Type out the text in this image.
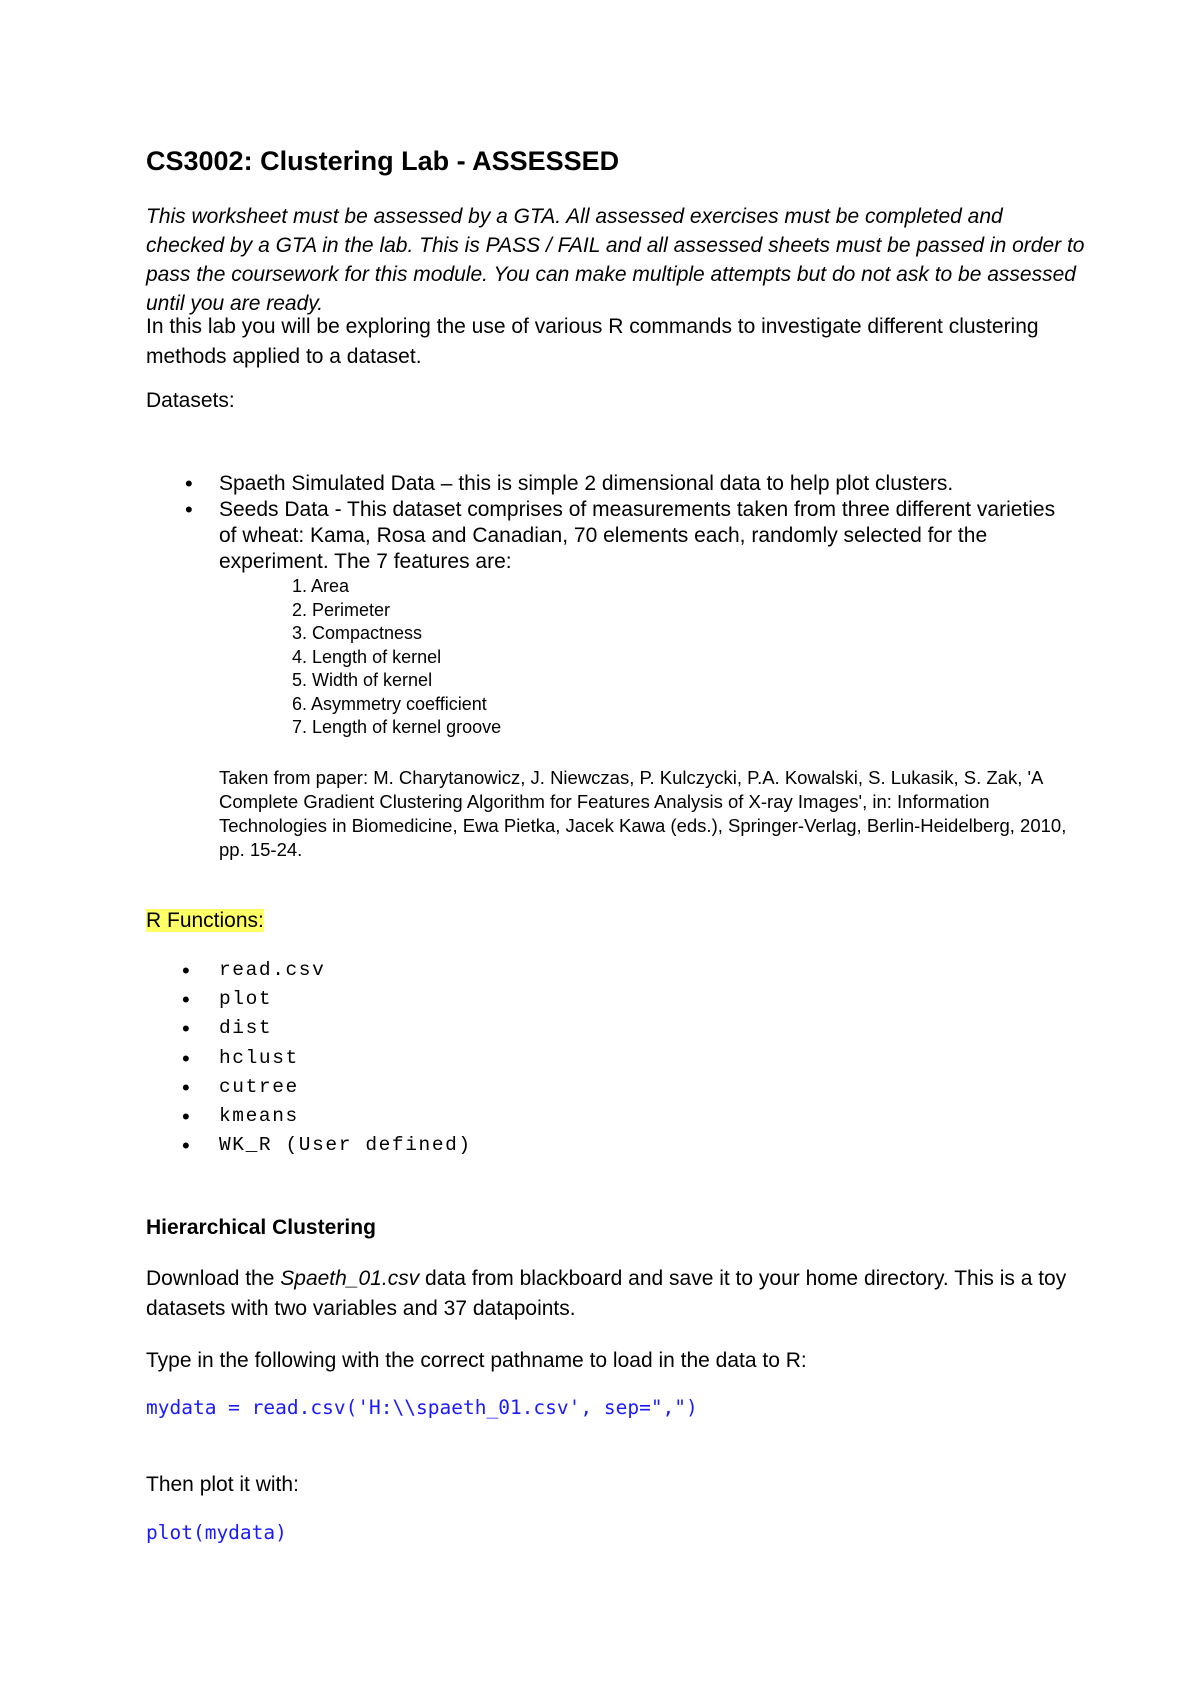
CS3002: Clustering Lab - ASSESSED

This worksheet must be assessed by a GTA. All assessed exercises must be completed and checked by a GTA in the lab. This is PASS / FAIL and all assessed sheets must be passed in order to pass the coursework for this module. You can make multiple attempts but do not ask to be assessed until you are ready.

In this lab you will be exploring the use of various R commands to investigate different clustering methods applied to a dataset.

Datasets:

• Spaeth Simulated Data – this is simple 2 dimensional data to help plot clusters.
• Seeds Data - This dataset comprises of measurements taken from three different varieties of wheat: Kama, Rosa and Canadian, 70 elements each, randomly selected for the experiment. The 7 features are:
1. Area
2. Perimeter
3. Compactness
4. Length of kernel
5. Width of kernel
6. Asymmetry coefficient
7. Length of kernel groove

Taken from paper: M. Charytanowicz, J. Niewczas, P. Kulczycki, P.A. Kowalski, S. Lukasik, S. Zak, 'A Complete Gradient Clustering Algorithm for Features Analysis of X-ray Images', in: Information Technologies in Biomedicine, Ewa Pietka, Jacek Kawa (eds.), Springer-Verlag, Berlin-Heidelberg, 2010, pp. 15-24.

R Functions:

• read.csv
• plot
• dist
• hclust
• cutree
• kmeans
• WK_R (User defined)
Hierarchical Clustering

Download the Spaeth_01.csv data from blackboard and save it to your home directory. This is a toy datasets with two variables and 37 datapoints.

Type in the following with the correct pathname to load in the data to R:

mydata = read.csv('H:\\spaeth_01.csv', sep=",")

Then plot it with:

plot(mydata)
